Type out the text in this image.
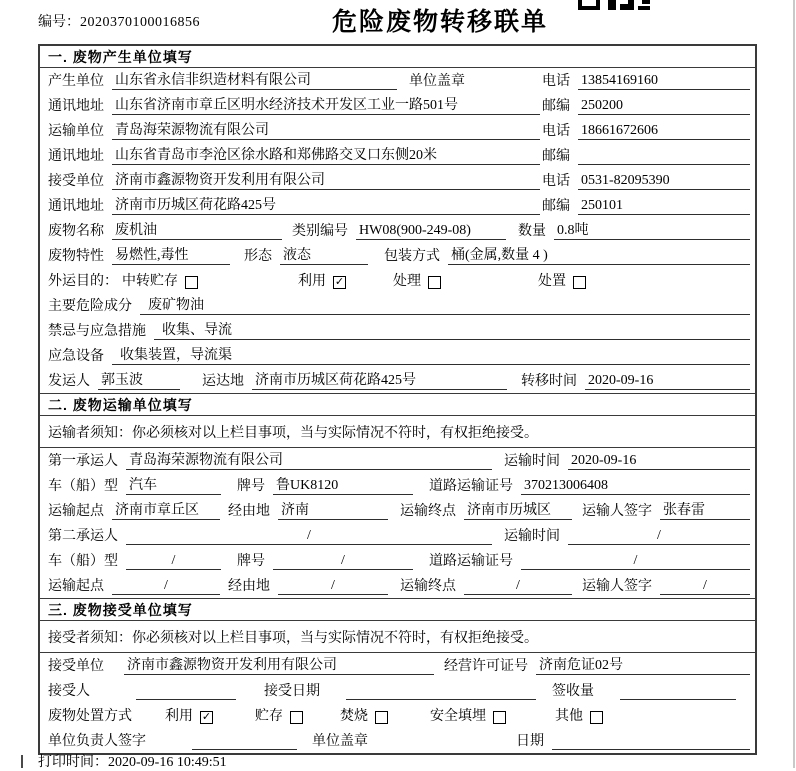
编号：2020370100016856	危险废物转移联单
一. 废物产生单位填写
产生单位 山东省永信非织造材料有限公司	单位盖章	电话 13854169160
通讯地址 山东省济南市章丘区明水经济技术开发区工业一路501号	邮编 250200
运输单位 青岛海荣源物流有限公司	电话 18661672606
通讯地址 山东省青岛市李沧区徐水路和郑佛路交叉口东侧20米	邮编
接受单位 济南市鑫源物资开发利用有限公司	电话 0531-82095390
通讯地址 济南市历城区荷花路425号	邮编 250101
废物名称 废机油	类别编号 HW08(900-249-08)	数量 0.8吨
废物特性 易燃性,毒性	形态 液态	包装方式 桶(金属,数量 4 )
外运目的： 中转贮存	利用 ✓	处理	处置
主要危险成分	废矿物油
禁忌与应急措施	收集、导流
应急设备	收集装置，导流渠
发运人 郭玉波	运达地 济南市历城区荷花路425号	转移时间 2020-09-16
二. 废物运输单位填写
运输者须知：你必须核对以上栏目事项，当与实际情况不符时，有权拒绝接受。
第一承运人 青岛海荣源物流有限公司	运输时间 2020-09-16
车（船）型 汽车	牌号 鲁UK8120	道路运输证号 370213006408
运输起点 济南市章丘区	经由地 济南	运输终点 济南市历城区	运输人签字 张春雷
第二承运人	/	运输时间	/
车（船）型	/	牌号	/	道路运输证号	/
运输起点	/	经由地	/	运输终点	/	运输人签字	/
三. 废物接受单位填写
接受者须知：你必须核对以上栏目事项，当与实际情况不符时，有权拒绝接受。
接受单位 济南市鑫源物资开发利用有限公司	经营许可证号 济南危证02号
接受人	接受日期	签收量
废物处置方式 利用 ✓	贮存	焚烧	安全填埋	其他
单位负责人签字	单位盖章	日期
打印时间：2020-09-16 10:49:51
